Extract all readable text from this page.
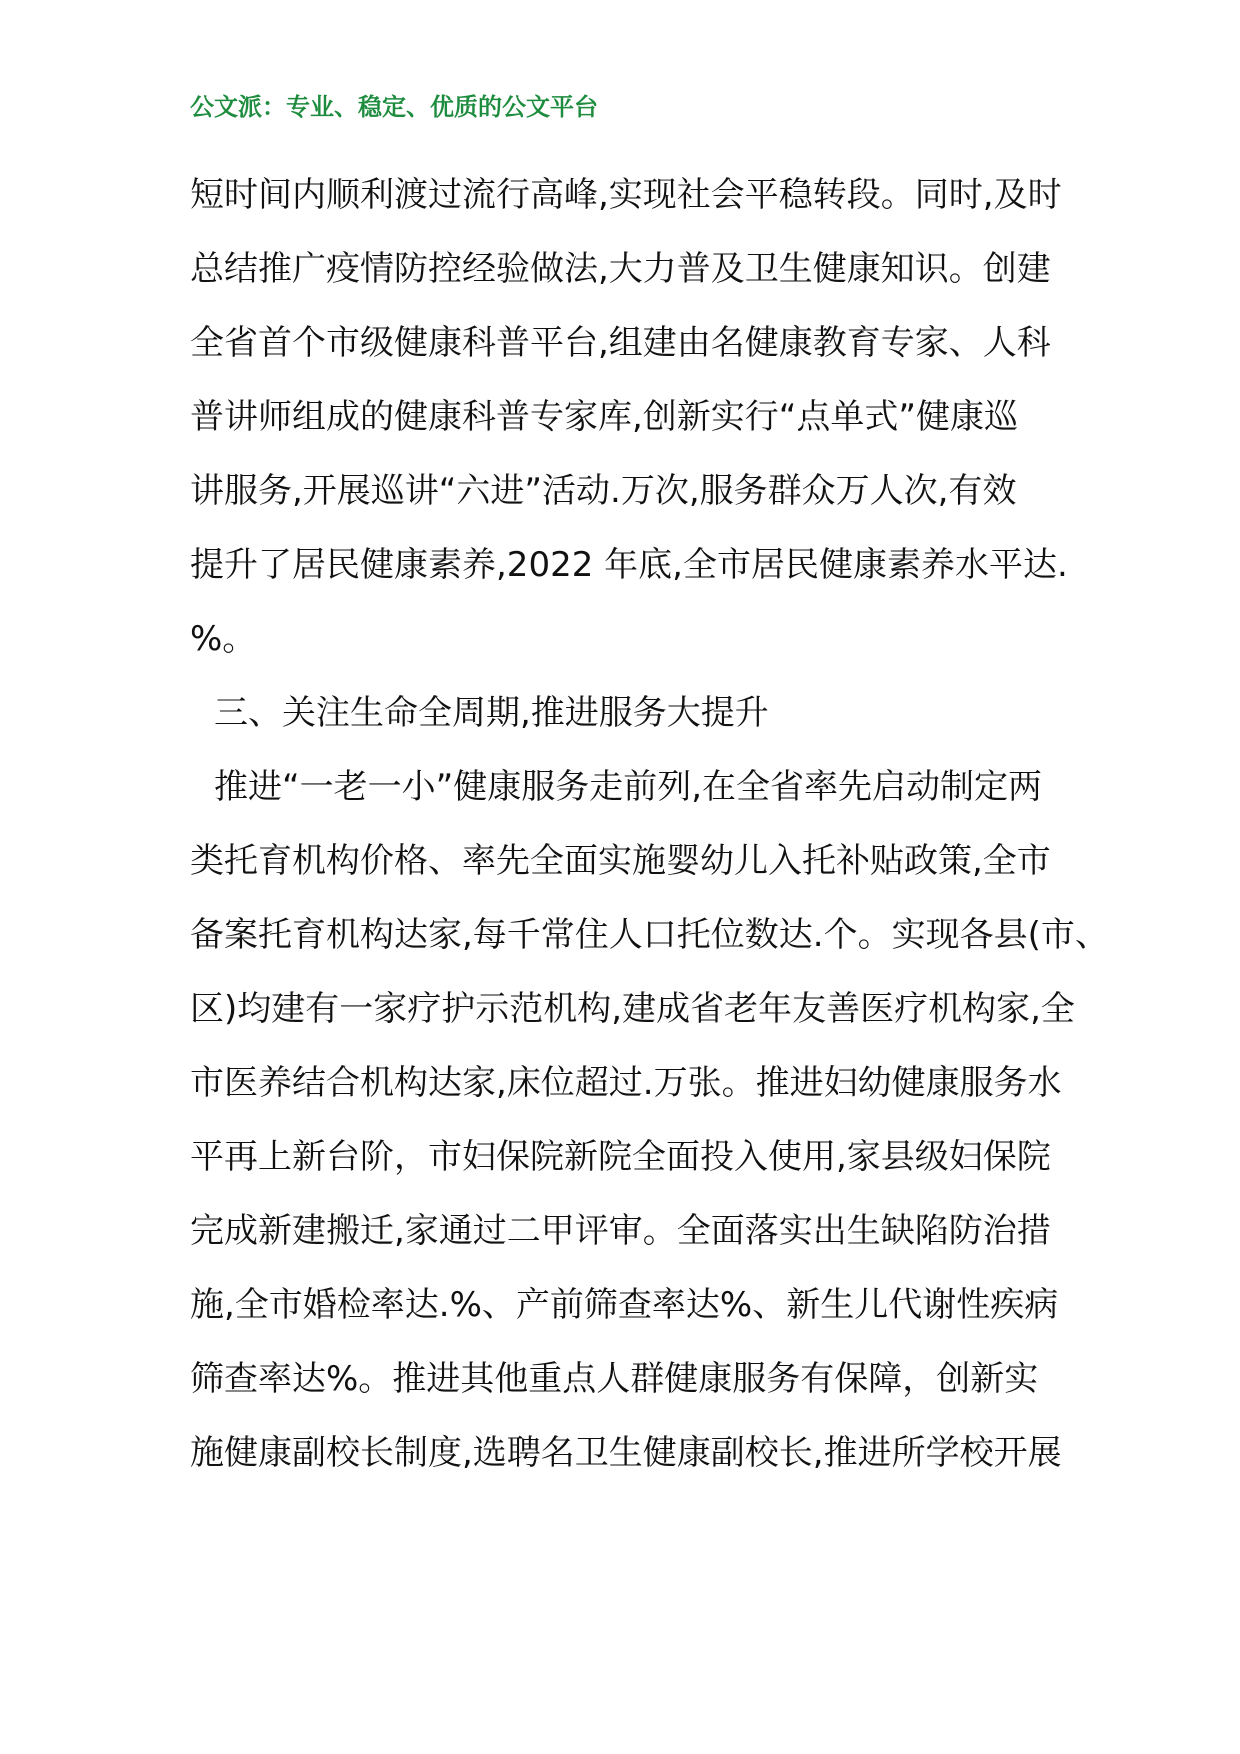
公文派：专业、稳定、优质的公文平台
短时间内顺利渡过流行高峰,实现社会平稳转段。同时,及时
总结推广疫情防控经验做法,大力普及卫生健康知识。创建
全省首个市级健康科普平台,组建由名健康教育专家、人科
普讲师组成的健康科普专家库,创新实行“点单式”健康巡
讲服务,开展巡讲“六进”活动.万次,服务群众万人次,有效
提升了居民健康素养,2022 年底,全市居民健康素养水平达.
%。
三、关注生命全周期,推进服务大提升
推进“一老一小”健康服务走前列,在全省率先启动制定两
类托育机构价格、率先全面实施婴幼儿入托补贴政策,全市
备案托育机构达家,每千常住人口托位数达.个。实现各县(市、
区)均建有一家疗护示范机构,建成省老年友善医疗机构家,全
市医养结合机构达家,床位超过.万张。推进妇幼健康服务水
平再上新台阶，市妇保院新院全面投入使用,家县级妇保院
完成新建搬迁,家通过二甲评审。全面落实出生缺陷防治措
施,全市婚检率达.%、产前筛查率达%、新生儿代谢性疾病
筛查率达%。推进其他重点人群健康服务有保障，创新实
施健康副校长制度,选聘名卫生健康副校长,推进所学校开展
